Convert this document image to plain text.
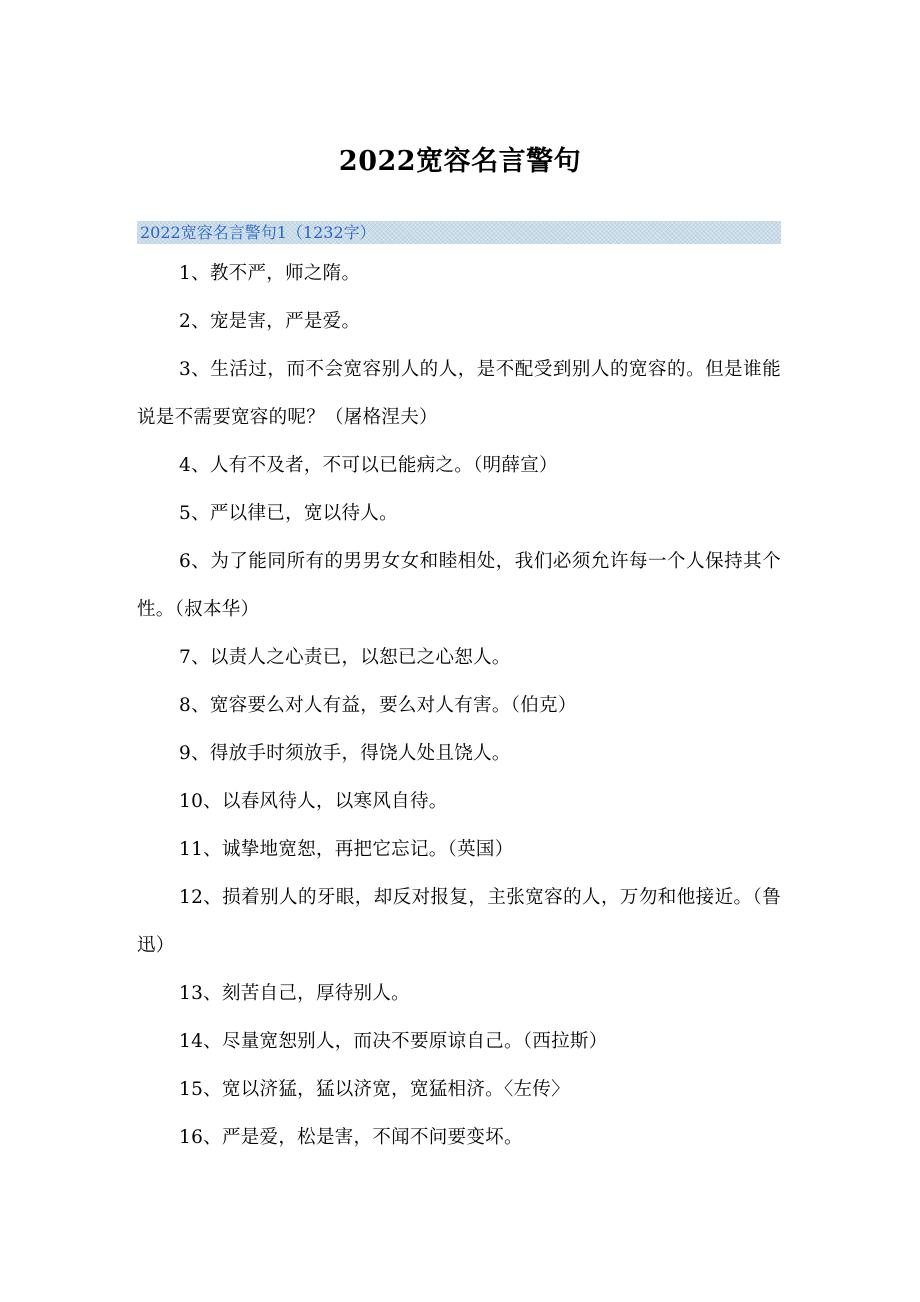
2022宽容名言警句
2022宽容名言警句1（1232字）

1、教不严，师之隋。

2、宠是害，严是爱。

3、生活过，而不会宽容别人的人，是不配受到别人的宽容的。但是谁能说是不需要宽容的呢？（屠格涅夫）

4、人有不及者，不可以已能病之。（明薛宣）

5、严以律已，宽以待人。

6、为了能同所有的男男女女和睦相处，我们必须允许每一个人保持其个性。（叔本华）

7、以责人之心责已，以恕已之心恕人。

8、宽容要么对人有益，要么对人有害。（伯克）

9、得放手时须放手，得饶人处且饶人。

10、以春风待人，以寒风自待。

11、诚挚地宽恕，再把它忘记。（英国）

12、损着别人的牙眼，却反对报复，主张宽容的人，万勿和他接近。（鲁迅）

13、刻苦自己，厚待别人。

14、尽量宽恕别人，而决不要原谅自己。（西拉斯）

15、宽以济猛，猛以济宽，宽猛相济。〈左传〉

16、严是爱，松是害，不闻不问要变坏。
